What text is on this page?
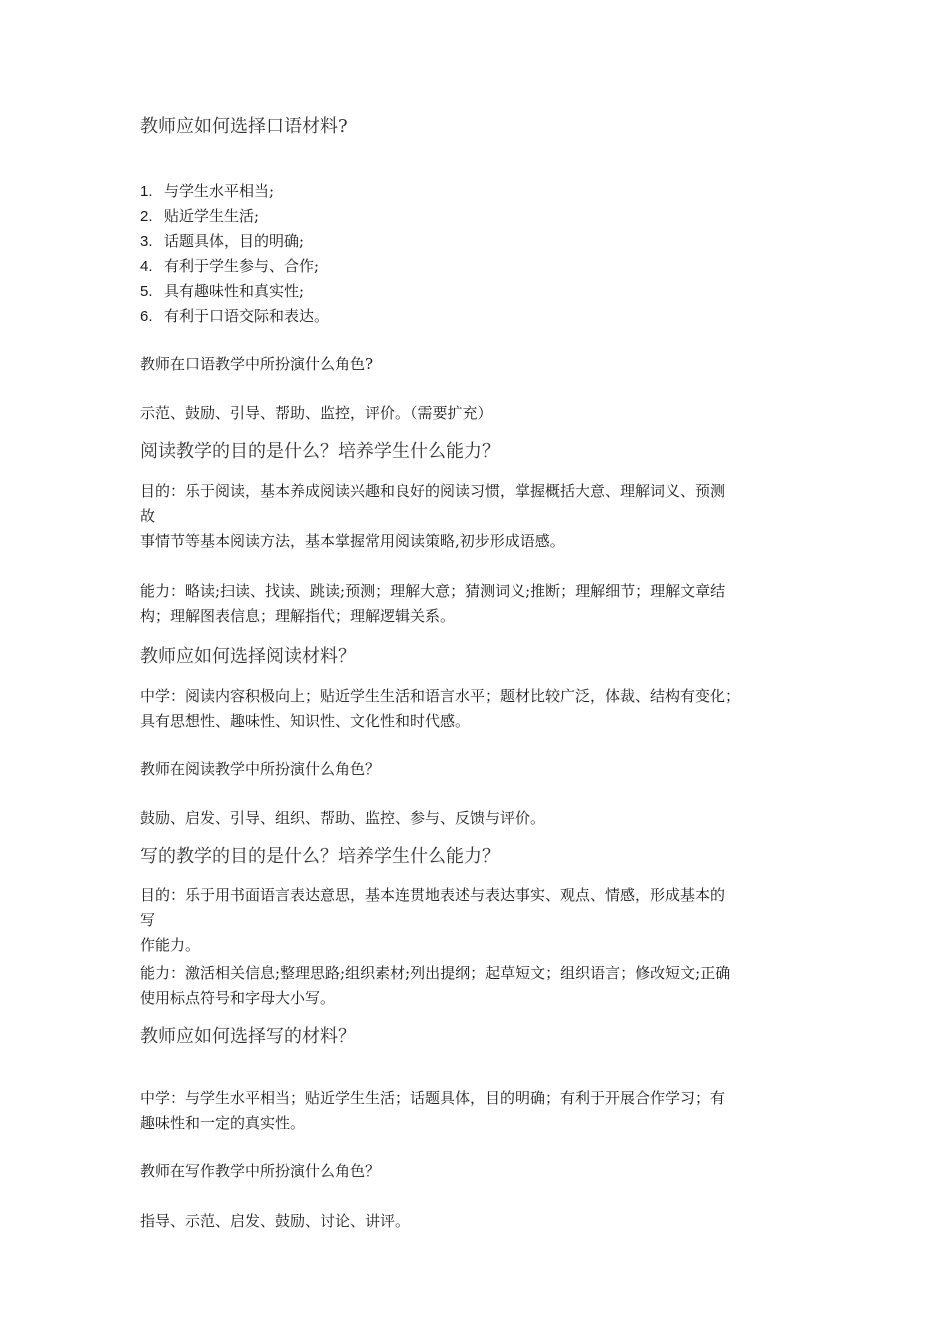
教师应如何选择口语材料?
1. 与学生水平相当;
2. 贴近学生生活;
3. 话题具体，目的明确;
4. 有利于学生参与、合作;
5. 具有趣味性和真实性;
6. 有利于口语交际和表达。
教师在口语教学中所扮演什么角色?
示范、鼓励、引导、帮助、监控，评价。（需要扩充）
阅读教学的目的是什么？培养学生什么能力？
目的：乐于阅读，基本养成阅读兴趣和良好的阅读习惯，掌握概括大意、理解词义、预测
故
事情节等基本阅读方法，基本掌握常用阅读策略,初步形成语感。
能力：略读;扫读、找读、跳读;预测；理解大意；猜测词义;推断；理解细节；理解文章结
构；理解图表信息；理解指代；理解逻辑关系。
教师应如何选择阅读材料？
中学：阅读内容积极向上；贴近学生生活和语言水平；题材比较广泛，体裁、结构有变化；
具有思想性、趣味性、知识性、文化性和时代感。
教师在阅读教学中所扮演什么角色？
鼓励、启发、引导、组织、帮助、监控、参与、反馈与评价。
写的教学的目的是什么？培养学生什么能力？
目的：乐于用书面语言表达意思，基本连贯地表述与表达事实、观点、情感，形成基本的
写
作能力。
能力：激活相关信息;整理思路;组织素材;列出提纲；起草短文；组织语言；修改短文;正确
使用标点符号和字母大小写。
教师应如何选择写的材料？
中学：与学生水平相当；贴近学生生活；话题具体，目的明确；有利于开展合作学习；有
趣味性和一定的真实性。
教师在写作教学中所扮演什么角色？
指导、示范、启发、鼓励、讨论、讲评。
